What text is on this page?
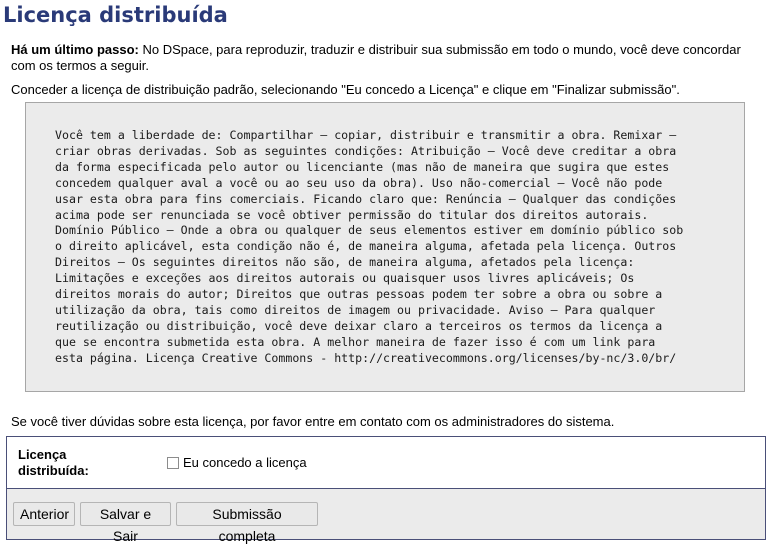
Licença distribuída
Há um último passo: No DSpace, para reproduzir, traduzir e distribuir sua submissão em todo o mundo, você deve concordar com os termos a seguir.
Conceder a licença de distribuição padrão, selecionando "Eu concedo a Licença" e clique em "Finalizar submissão".
Você tem a liberdade de: Compartilhar — copiar, distribuir e transmitir a obra. Remixar —
criar obras derivadas. Sob as seguintes condições: Atribuição — Você deve creditar a obra
da forma especificada pelo autor ou licenciante (mas não de maneira que sugira que estes
concedem qualquer aval a você ou ao seu uso da obra). Uso não-comercial — Você não pode
usar esta obra para fins comerciais. Ficando claro que: Renúncia — Qualquer das condições
acima pode ser renunciada se você obtiver permissão do titular dos direitos autorais.
Domínio Público — Onde a obra ou qualquer de seus elementos estiver em domínio público sob
o direito aplicável, esta condição não é, de maneira alguma, afetada pela licença. Outros
Direitos — Os seguintes direitos não são, de maneira alguma, afetados pela licença:
Limitações e exceções aos direitos autorais ou quaisquer usos livres aplicáveis; Os
direitos morais do autor; Direitos que outras pessoas podem ter sobre a obra ou sobre a
utilização da obra, tais como direitos de imagem ou privacidade. Aviso — Para qualquer
reutilização ou distribuição, você deve deixar claro a terceiros os termos da licença a
que se encontra submetida esta obra. A melhor maneira de fazer isso é com um link para
esta página. Licença Creative Commons - http://creativecommons.org/licenses/by-nc/3.0/br/
Se você tiver dúvidas sobre esta licença, por favor entre em contato com os administradores do sistema.
Licença distribuída:
Eu concedo a licença
Anterior	Salvar e Sair
Submissão completa
